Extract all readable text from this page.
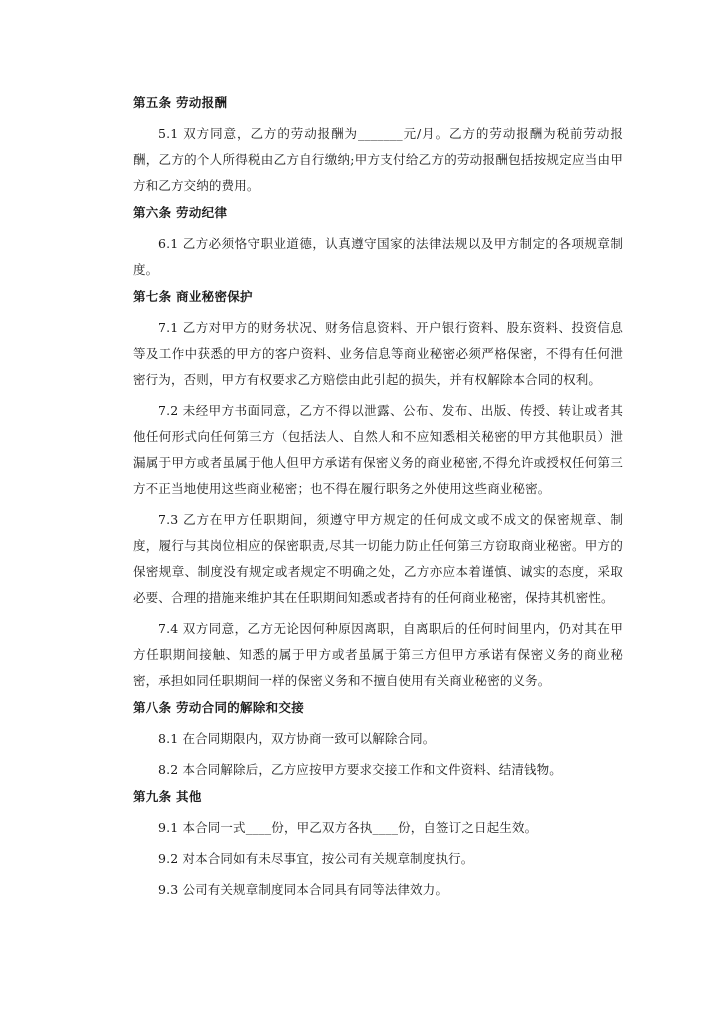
第五条 劳动报酬

5.1 双方同意，乙方的劳动报酬为_______元/月。乙方的劳动报酬为税前劳动报酬，乙方的个人所得税由乙方自行缴纳;甲方支付给乙方的劳动报酬包括按规定应当由甲方和乙方交纳的费用。

第六条 劳动纪律

6.1 乙方必须恪守职业道德，认真遵守国家的法律法规以及甲方制定的各项规章制度。

第七条 商业秘密保护

7.1 乙方对甲方的财务状况、财务信息资料、开户银行资料、股东资料、投资信息等及工作中获悉的甲方的客户资料、业务信息等商业秘密必须严格保密，不得有任何泄密行为，否则，甲方有权要求乙方赔偿由此引起的损失，并有权解除本合同的权利。

7.2 未经甲方书面同意，乙方不得以泄露、公布、发布、出版、传授、转让或者其他任何形式向任何第三方（包括法人、自然人和不应知悉相关秘密的甲方其他职员）泄漏属于甲方或者虽属于他人但甲方承诺有保密义务的商业秘密,不得允许或授权任何第三方不正当地使用这些商业秘密；也不得在履行职务之外使用这些商业秘密。

7.3 乙方在甲方任职期间，须遵守甲方规定的任何成文或不成文的保密规章、制度，履行与其岗位相应的保密职责,尽其一切能力防止任何第三方窃取商业秘密。甲方的保密规章、制度没有规定或者规定不明确之处，乙方亦应本着谨慎、诚实的态度，采取必要、合理的措施来维护其在任职期间知悉或者持有的任何商业秘密，保持其机密性。

7.4 双方同意，乙方无论因何种原因离职，自离职后的任何时间里内，仍对其在甲方任职期间接触、知悉的属于甲方或者虽属于第三方但甲方承诺有保密义务的商业秘密，承担如同任职期间一样的保密义务和不擅自使用有关商业秘密的义务。

第八条 劳动合同的解除和交接

8.1 在合同期限内，双方协商一致可以解除合同。

8.2 本合同解除后，乙方应按甲方要求交接工作和文件资料、结清钱物。

第九条 其他

9.1 本合同一式____份，甲乙双方各执____份，自签订之日起生效。

9.2 对本合同如有未尽事宜，按公司有关规章制度执行。

9.3 公司有关规章制度同本合同具有同等法律效力。
